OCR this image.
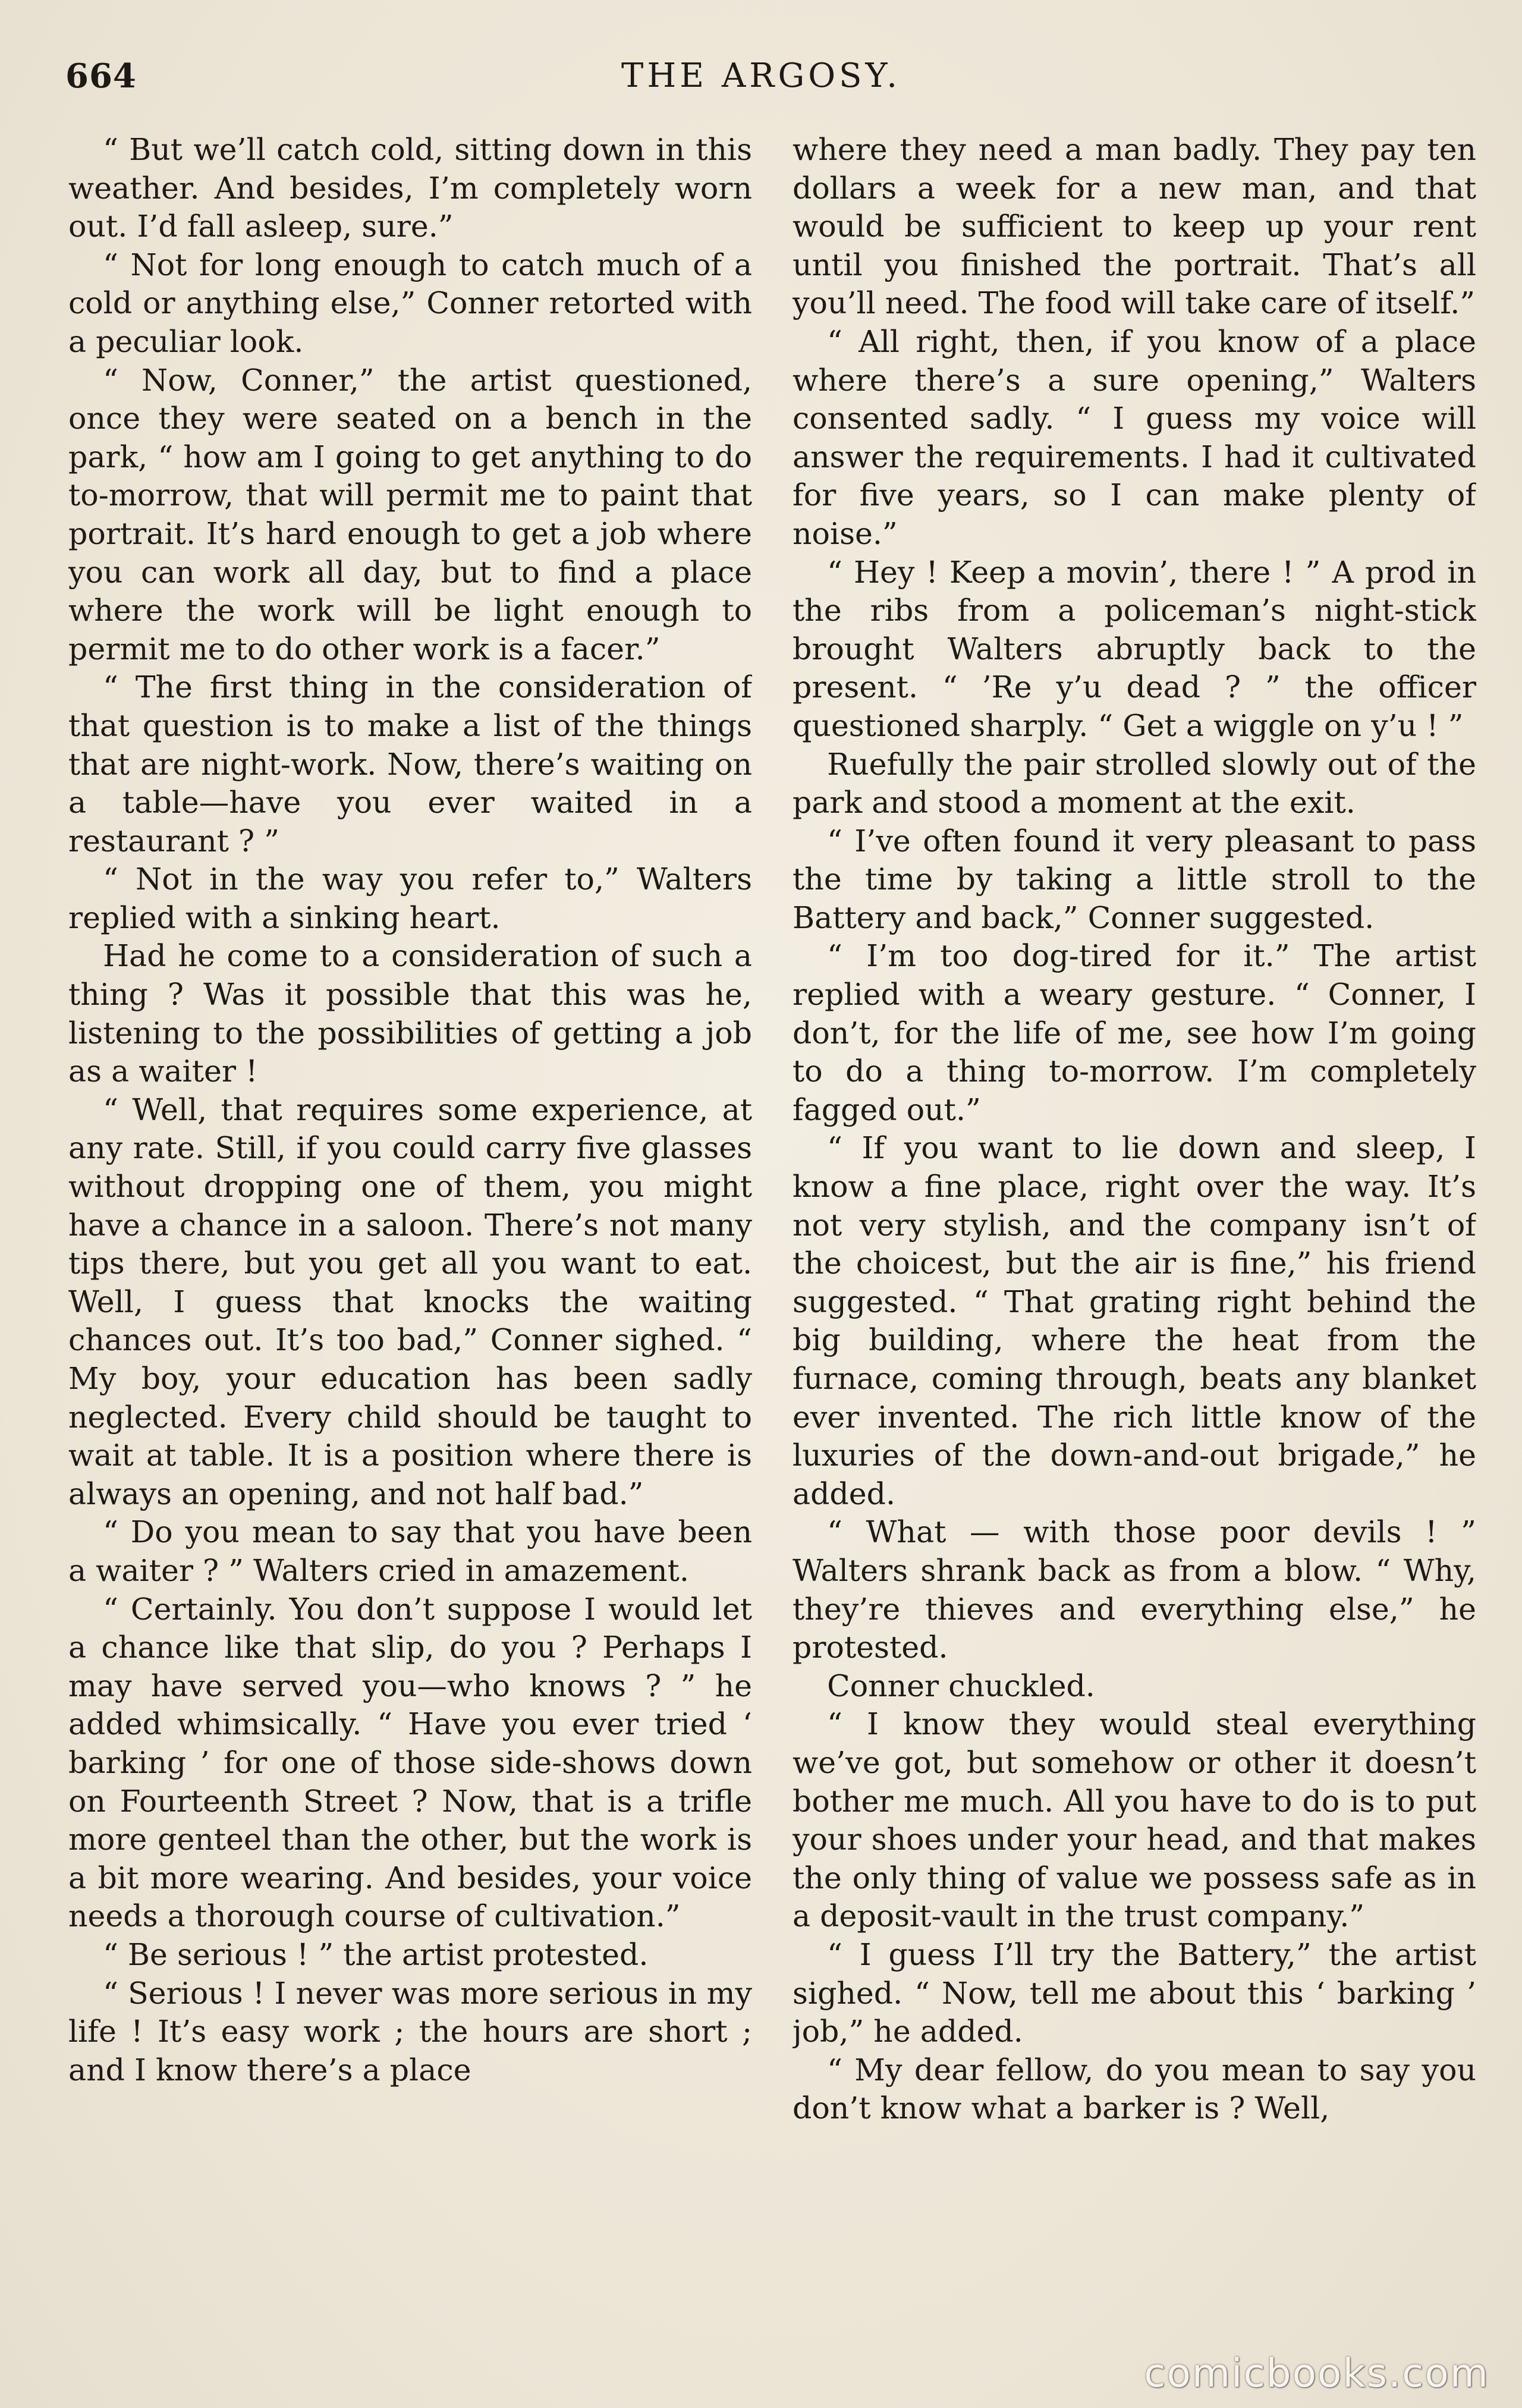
664	THE ARGOSY.

“ But we’ll catch cold, sitting down in this weather. And besides, I’m completely worn out. I’d fall asleep, sure.”

“ Not for long enough to catch much of a cold or anything else,” Conner retorted with a peculiar look.

“ Now, Conner,” the artist questioned, once they were seated on a bench in the park, “ how am I going to get anything to do to-morrow, that will permit me to paint that portrait. It’s hard enough to get a job where you can work all day, but to find a place where the work will be light enough to permit me to do other work is a facer.”

“ The first thing in the consideration of that question is to make a list of the things that are night-work. Now, there’s waiting on a table—have you ever waited in a restaurant ? ”

“ Not in the way you refer to,” Walters replied with a sinking heart.

Had he come to a consideration of such a thing ? Was it possible that this was he, listening to the possibilities of getting a job as a waiter !

“ Well, that requires some experience, at any rate. Still, if you could carry five glasses without dropping one of them, you might have a chance in a saloon. There’s not many tips there, but you get all you want to eat. Well, I guess that knocks the waiting chances out. It’s too bad,” Conner sighed. “ My boy, your education has been sadly neglected. Every child should be taught to wait at table. It is a position where there is always an opening, and not half bad.”

“ Do you mean to say that you have been a waiter ? ” Walters cried in amazement.

“ Certainly. You don’t suppose I would let a chance like that slip, do you ? Perhaps I may have served you—who knows ? ” he added whimsically. “ Have you ever tried ‘ barking ’ for one of those side-shows down on Fourteenth Street ? Now, that is a trifle more genteel than the other, but the work is a bit more wearing. And besides, your voice needs a thorough course of cultivation.”

“ Be serious ! ” the artist protested.

“ Serious ! I never was more serious in my life ! It’s easy work ; the hours are short ; and I know there’s a place

where they need a man badly. They pay ten dollars a week for a new man, and that would be sufficient to keep up your rent until you finished the portrait. That’s all you’ll need. The food will take care of itself.”

“ All right, then, if you know of a place where there’s a sure opening,” Walters consented sadly. “ I guess my voice will answer the requirements. I had it cultivated for five years, so I can make plenty of noise.”

“ Hey ! Keep a movin’, there ! ” A prod in the ribs from a policeman’s night-stick brought Walters abruptly back to the present. “ ’Re y’u dead ? ” the officer questioned sharply. “ Get a wiggle on y’u ! ”

Ruefully the pair strolled slowly out of the park and stood a moment at the exit.

“ I’ve often found it very pleasant to pass the time by taking a little stroll to the Battery and back,” Conner suggested.

“ I’m too dog-tired for it.” The artist replied with a weary gesture. “ Conner, I don’t, for the life of me, see how I’m going to do a thing to-morrow. I’m completely fagged out.”

“ If you want to lie down and sleep, I know a fine place, right over the way. It’s not very stylish, and the company isn’t of the choicest, but the air is fine,” his friend suggested. “ That grating right behind the big building, where the heat from the furnace, coming through, beats any blanket ever invented. The rich little know of the luxuries of the down-and-out brigade,” he added.

“ What — with those poor devils ! ” Walters shrank back as from a blow. “ Why, they’re thieves and everything else,” he protested.

Conner chuckled.

“ I know they would steal everything we’ve got, but somehow or other it doesn’t bother me much. All you have to do is to put your shoes under your head, and that makes the only thing of value we possess safe as in a deposit-vault in the trust company.”

“ I guess I’ll try the Battery,” the artist sighed. “ Now, tell me about this ‘ barking ’ job,” he added.

“ My dear fellow, do you mean to say you don’t know what a barker is ? Well,

comicbooks.com
